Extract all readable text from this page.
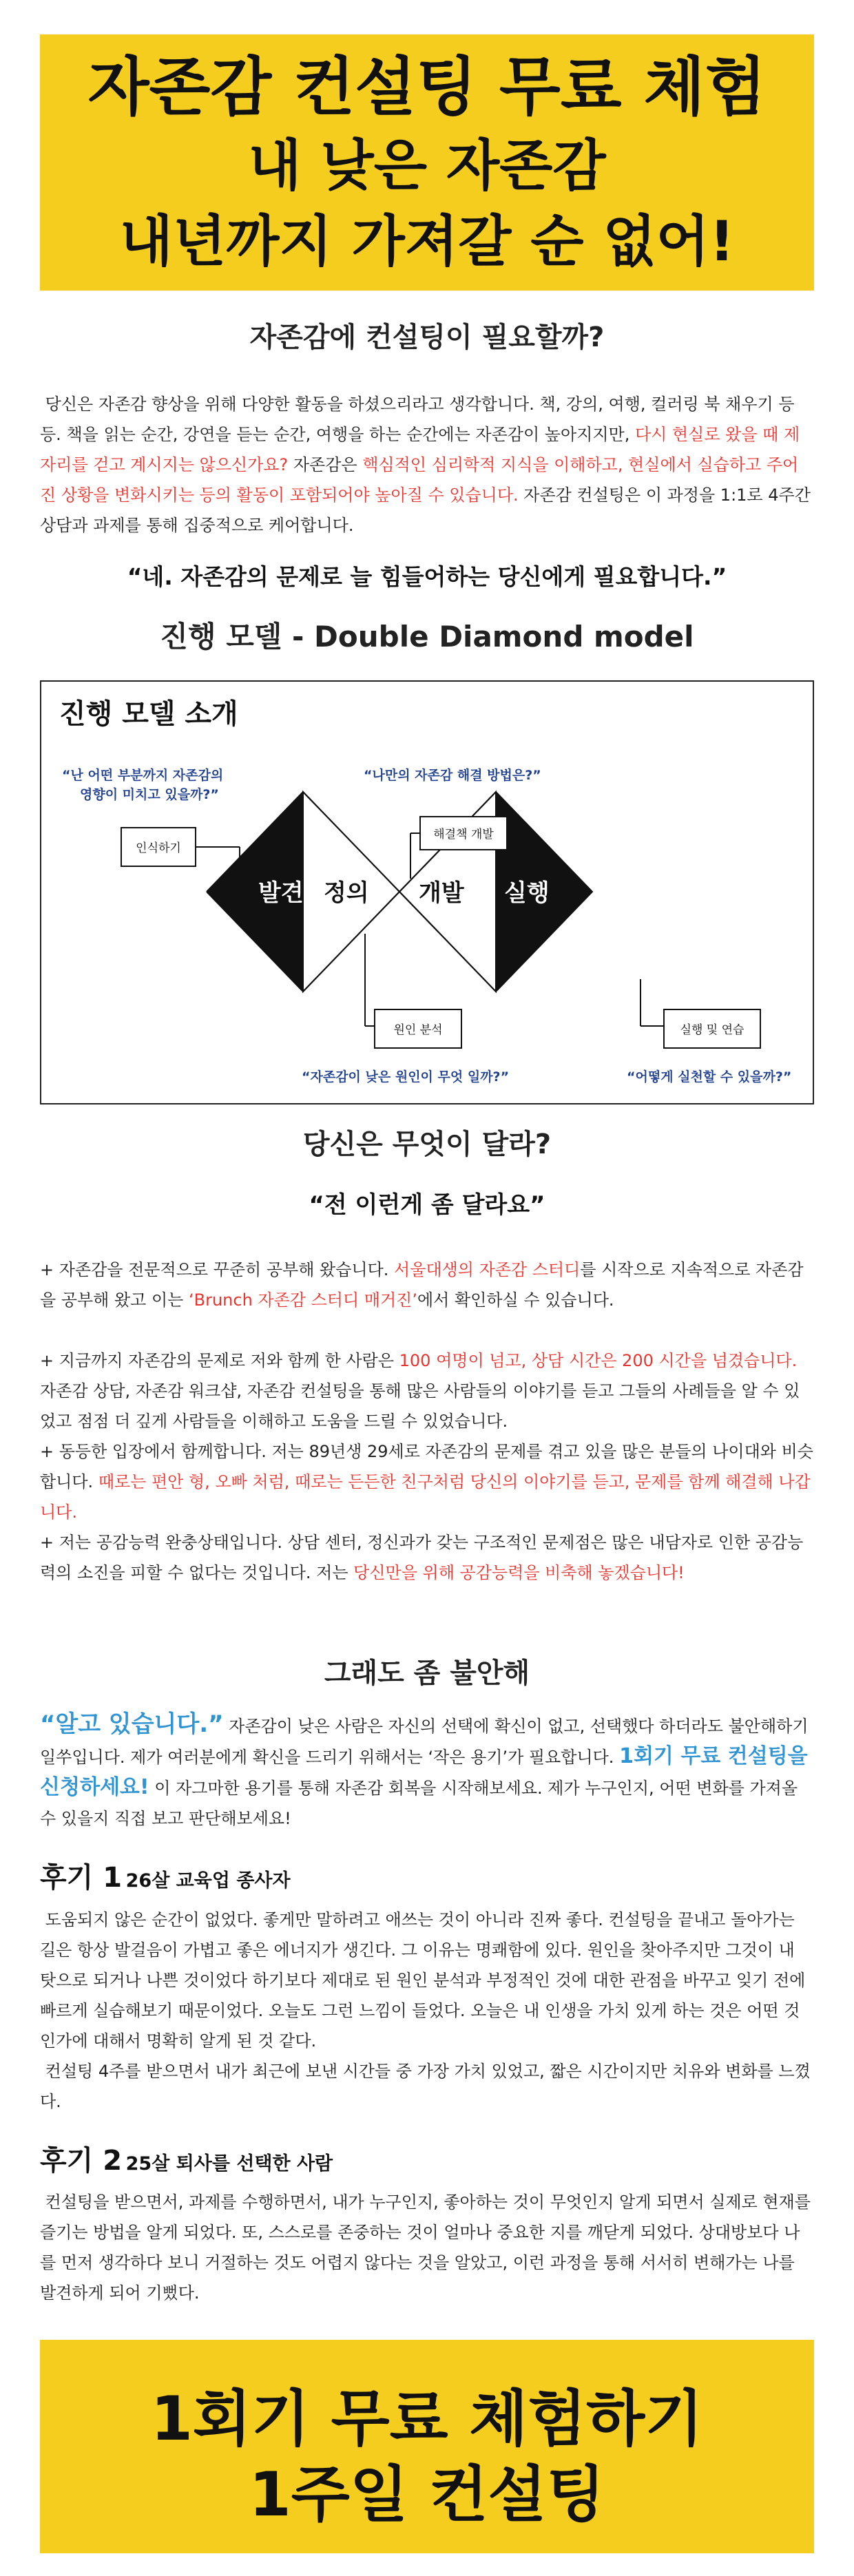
자존감 컨설팅 무료 체험
내 낮은 자존감
내년까지 가져갈 순 없어!
자존감에 컨설팅이 필요할까?

당신은 자존감 향상을 위해 다양한 활동을 하셨으리라고 생각합니다. 책, 강의, 여행, 컬러링 북 채우기 등등. 책을 읽는 순간, 강연을 듣는 순간, 여행을 하는 순간에는 자존감이 높아지지만, 다시 현실로 왔을 때 제자리를 걷고 계시지는 않으신가요? 자존감은 핵심적인 심리학적 지식을 이해하고, 현실에서 실습하고 주어진 상황을 변화시키는 등의 활동이 포함되어야 높아질 수 있습니다. 자존감 컨설팅은 이 과정을 1:1로 4주간 상담과 과제를 통해 집중적으로 케어합니다.

“네. 자존감의 문제로 늘 힘들어하는 당신에게 필요합니다.”
진행 모델 - Double Diamond model
진행 모델 소개
발견 정의 개발 실행
“난 어떤 부분까지 자존감의
영향이 미치고 있을까?”
“나만의 자존감 해결 방법은?”
“자존감이 낮은 원인이 무엇 일까?”	“어떻게 실천할 수 있을까?”
인식하기
해결책 개발
원인 분석	실행 및 연습
당신은 무엇이 달라?
“전 이런게 좀 달라요”

+ 자존감을 전문적으로 꾸준히 공부해 왔습니다. 서울대생의 자존감 스터디를 시작으로 지속적으로 자존감을 공부해 왔고 이는 ‘Brunch 자존감 스터디 매거진’에서 확인하실 수 있습니다.

+ 지금까지 자존감의 문제로 저와 함께 한 사람은 100 여명이 넘고, 상담 시간은 200 시간을 넘겼습니다. 자존감 상담, 자존감 워크샵, 자존감 컨설팅을 통해 많은 사람들의 이야기를 듣고 그들의 사례들을 알 수 있었고 점점 더 깊게 사람들을 이해하고 도움을 드릴 수 있었습니다.

+ 동등한 입장에서 함께합니다. 저는 89년생 29세로 자존감의 문제를 겪고 있을 많은 분들의 나이대와 비슷합니다. 때로는 편안 형, 오빠 처럼, 때로는 든든한 친구처럼 당신의 이야기를 듣고, 문제를 함께 해결해 나갑니다.

+ 저는 공감능력 완충상태입니다. 상담 센터, 정신과가 갖는 구조적인 문제점은 많은 내담자로 인한 공감능력의 소진을 피할 수 없다는 것입니다. 저는 당신만을 위해 공감능력을 비축해 놓겠습니다!

그래도 좀 불안해

“알고 있습니다.” 자존감이 낮은 사람은 자신의 선택에 확신이 없고, 선택했다 하더라도 불안해하기 일쑤입니다. 제가 여러분에게 확신을 드리기 위해서는 ‘작은 용기’가 필요합니다. 1회기 무료 컨설팅을 신청하세요! 이 자그마한 용기를 통해 자존감 회복을 시작해보세요. 제가 누구인지, 어떤 변화를 가져올 수 있을지 직접 보고 판단해보세요!

후기 1 26살 교육업 종사자

도움되지 않은 순간이 없었다. 좋게만 말하려고 애쓰는 것이 아니라 진짜 좋다. 컨설팅을 끝내고 돌아가는 길은 항상 발걸음이 가볍고 좋은 에너지가 생긴다. 그 이유는 명쾌함에 있다. 원인을 찾아주지만 그것이 내 탓으로 되거나 나쁜 것이었다 하기보다 제대로 된 원인 분석과 부정적인 것에 대한 관점을 바꾸고 잊기 전에 빠르게 실습해보기 때문이었다. 오늘도 그런 느낌이 들었다. 오늘은 내 인생을 가치 있게 하는 것은 어떤 것 인가에 대해서 명확히 알게 된 것 같다.

컨설팅 4주를 받으면서 내가 최근에 보낸 시간들 중 가장 가치 있었고, 짧은 시간이지만 치유와 변화를 느꼈다.

후기 2 25살 퇴사를 선택한 사람

컨설팅을 받으면서, 과제를 수행하면서, 내가 누구인지, 좋아하는 것이 무엇인지 알게 되면서 실제로 현재를 즐기는 방법을 알게 되었다. 또, 스스로를 존중하는 것이 얼마나 중요한 지를 깨닫게 되었다. 상대방보다 나를 먼저 생각하다 보니 거절하는 것도 어렵지 않다는 것을 알았고, 이런 과정을 통해 서서히 변해가는 나를 발견하게 되어 기뻤다.

1회기 무료 체험하기
1주일 컨설팅
